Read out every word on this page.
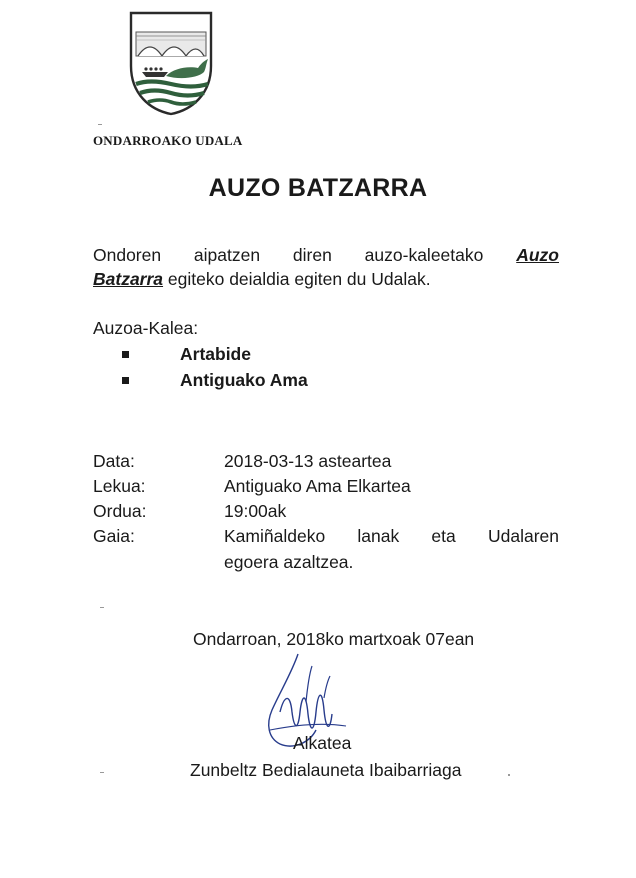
ONDARROAKO UDALA
AUZO BATZARRA
Ondoren aipatzen diren auzo-kaleetako Auzo
Batzarra egiteko deialdia egiten du Udalak.
Auzoa-Kalea:
Artabide
Antiguako Ama
Data:	2018-03-13 asteartea
Lekua:	Antiguako Ama Elkartea
Ordua:	19:00ak
Gaia:	Kamiñaldeko lanak eta Udalaren
egoera azaltzea.
Ondarroan, 2018ko martxoak 07ean
Alkatea
Zunbeltz Bedialauneta Ibaibarriaga
